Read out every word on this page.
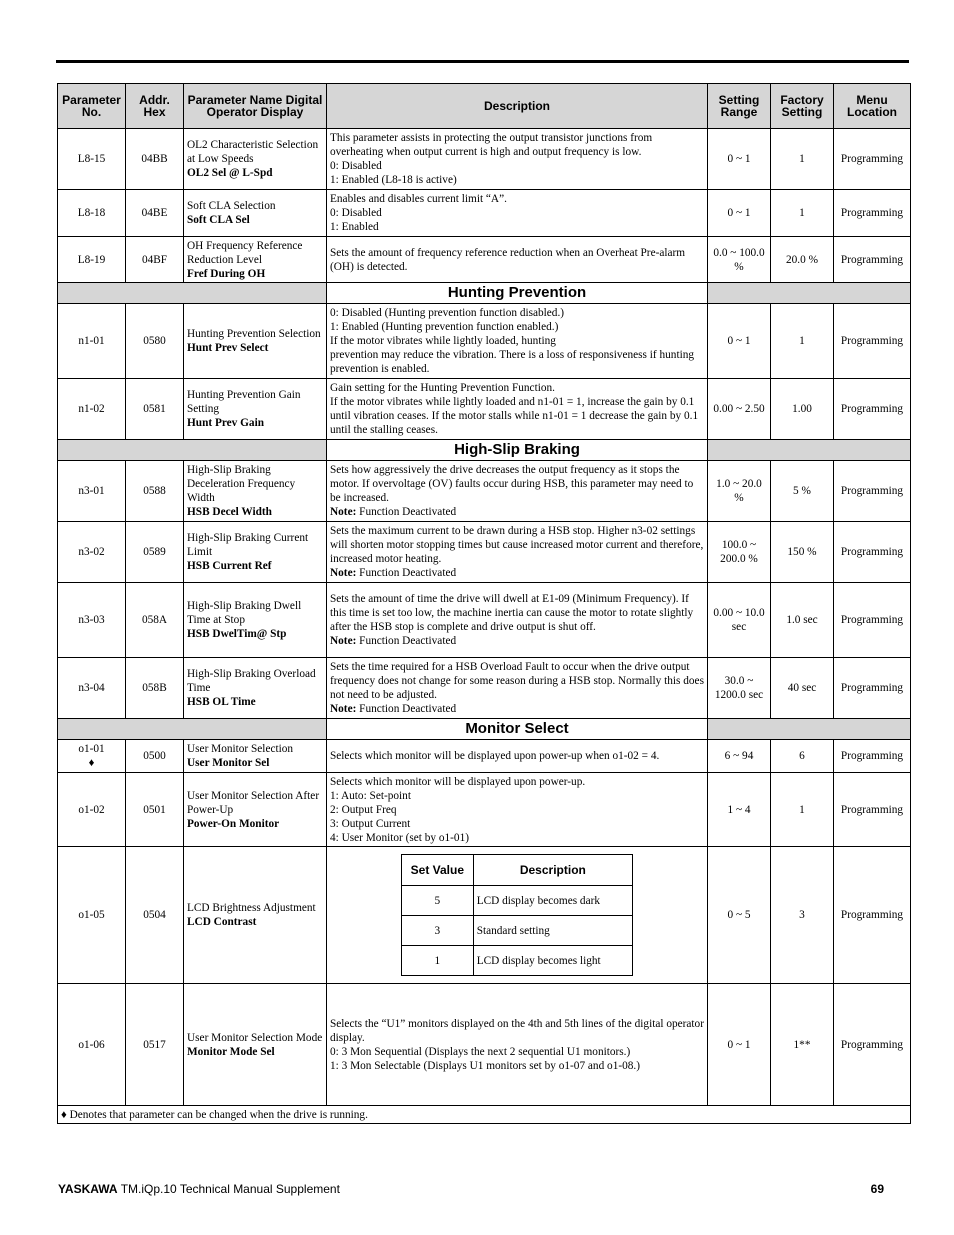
Parameter No.	Addr. Hex	Parameter Name Digital Operator Display	Description	Setting Range	Factory Setting	Menu Location
L8-15	04BB	OL2 Characteristic Selection at Low Speeds
OL2 Sel @ L-Spd	This parameter assists in protecting the output transistor junctions from overheating when output current is high and output frequency is low.
0: Disabled
1: Enabled (L8-18 is active)	0 ~ 1	1	Programming
L8-18	04BE	Soft CLA Selection
Soft CLA Sel	Enables and disables current limit “A”.
0: Disabled
1: Enabled	0 ~ 1	1	Programming
L8-19	04BF	OH Frequency Reference Reduction Level
Fref During OH	Sets the amount of frequency reference reduction when an Overheat Pre-alarm (OH) is detected.	0.0 ~ 100.0 %	20.0 %	Programming
	Hunting Prevention	
n1-01	0580	Hunting Prevention Selection
Hunt Prev Select	0: Disabled (Hunting prevention function disabled.)
1: Enabled (Hunting prevention function enabled.)
If the motor vibrates while lightly loaded, hunting
prevention may reduce the vibration. There is a loss of responsiveness if hunting prevention is enabled.	0 ~ 1	1	Programming
n1-02	0581	Hunting Prevention Gain Setting
Hunt Prev Gain	Gain setting for the Hunting Prevention Function.
If the motor vibrates while lightly loaded and n1-01 = 1, increase the gain by 0.1 until vibration ceases. If the motor stalls while n1-01 = 1 decrease the gain by 0.1 until the stalling ceases.	0.00 ~ 2.50	1.00	Programming
	High-Slip Braking	
n3-01	0588	High-Slip Braking Deceleration Frequency Width
HSB Decel Width	Sets how aggressively the drive decreases the output frequency as it stops the motor. If overvoltage (OV) faults occur during HSB, this parameter may need to be increased.
Note: Function Deactivated	1.0 ~ 20.0 %	5 %	Programming
n3-02	0589	High-Slip Braking Current Limit
HSB Current Ref	Sets the maximum current to be drawn during a HSB stop. Higher n3-02 settings will shorten motor stopping times but cause increased motor current and therefore, increased motor heating.
Note: Function Deactivated	100.0 ~ 200.0 %	150 %	Programming
n3-03	058A	High-Slip Braking Dwell Time at Stop
HSB DwelTim@ Stp	Sets the amount of time the drive will dwell at E1-09 (Minimum Frequency). If this time is set too low, the machine inertia can cause the motor to rotate slightly after the HSB stop is complete and drive output is shut off.
Note: Function Deactivated	0.00 ~ 10.0 sec	1.0 sec	Programming
n3-04	058B	High-Slip Braking Overload Time
HSB OL Time	Sets the time required for a HSB Overload Fault to occur when the drive output frequency does not change for some reason during a HSB stop. Normally this does not need to be adjusted.
Note: Function Deactivated	30.0 ~ 1200.0 sec	40 sec	Programming
	Monitor Select	
o1-01
♦	0500	User Monitor Selection
User Monitor Sel	Selects which monitor will be displayed upon power-up when o1-02 = 4.	6 ~ 94	6	Programming
o1-02	0501	User Monitor Selection After Power-Up
Power-On Monitor	Selects which monitor will be displayed upon power-up.
1: Auto: Set-point
2: Output Freq
3: Output Current
4: User Monitor (set by o1-01)	1 ~ 4	1	Programming
o1-05	0504	LCD Brightness Adjustment
LCD Contrast	
Set Value	Description
5	LCD display becomes dark
3	Standard setting
1	LCD display becomes light
	0 ~ 5	3	Programming
o1-06	0517	User Monitor Selection Mode
Monitor Mode Sel	Selects the “U1” monitors displayed on the 4th and 5th lines of the digital operator display.
0: 3 Mon Sequential (Displays the next 2 sequential U1 monitors.)
1: 3 Mon Selectable (Displays U1 monitors set by o1-07 and o1-08.)	0 ~ 1	1**	Programming
♦ Denotes that parameter can be changed when the drive is running.
YASKAWA TM.iQp.10 Technical Manual Supplement	69
